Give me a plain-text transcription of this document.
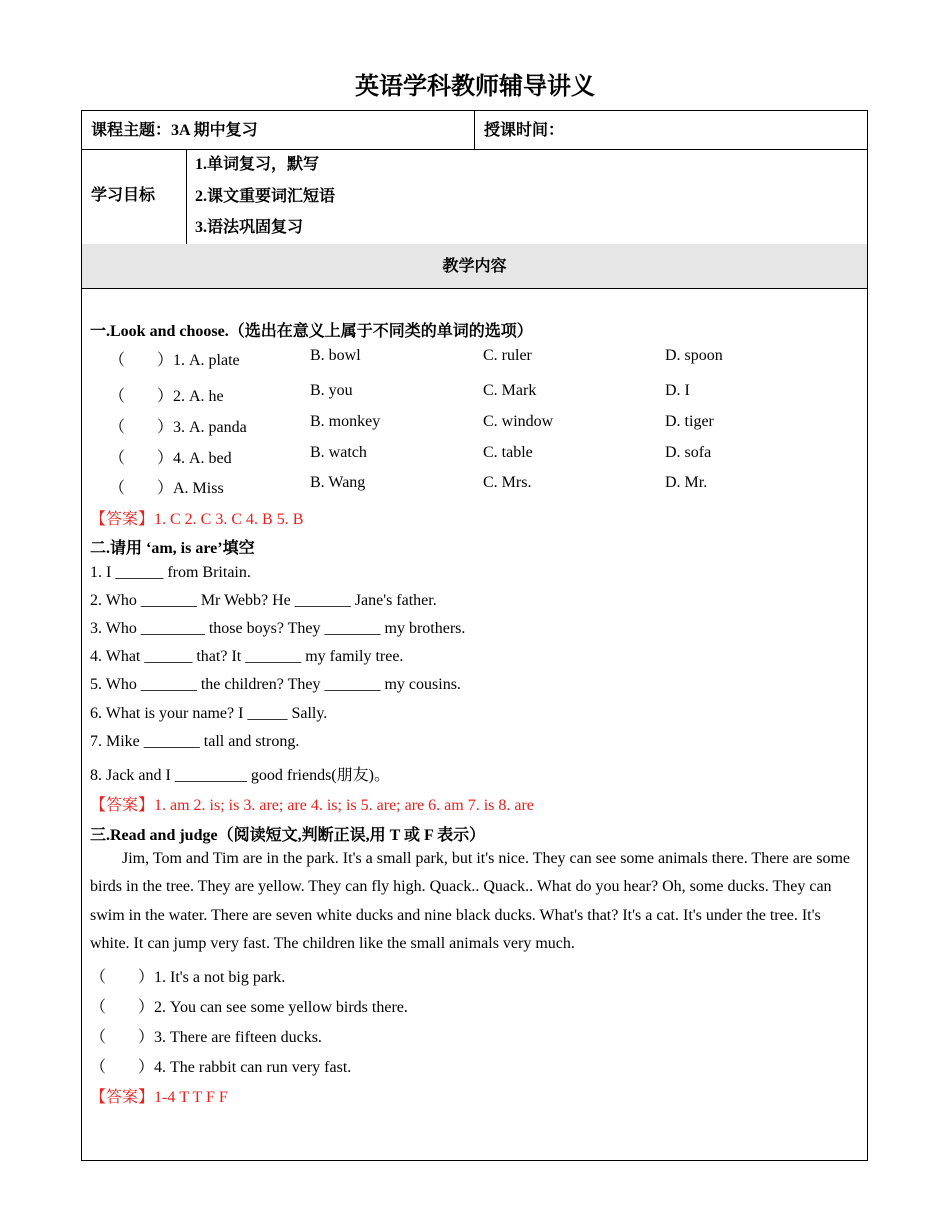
英语学科教师辅导讲义
课程主题：3A 期中复习	授课时间：
学习目标
1.单词复习，默写
2.课文重要词汇短语
3.语法巩固复习
教学内容
一.Look and choose.（选出在意义上属于不同类的单词的选项）
（　　）1. A. plate	B. bowl	C. ruler	D. spoon
（　　）2. A. he	B. you	C. Mark	D. I
（　　）3. A. panda	B. monkey	C. window	D. tiger
（　　）4. A. bed	B. watch	C. table	D. sofa
（　　）A. Miss	B. Wang	C. Mrs.	D. Mr.
【答案】1. C 2. C 3. C 4. B 5. B
二.请用 ‘am, is are’填空
1. I ______ from Britain.
2. Who _______ Mr Webb? He _______ Jane's father.
3. Who ________ those boys? They _______ my brothers.
4. What ______ that? It _______ my family tree.
5. Who _______ the children? They _______ my cousins.
6. What is your name? I _____ Sally.
7. Mike _______ tall and strong.
8. Jack and I _________ good friends(朋友)。
【答案】1. am 2. is; is 3. are; are 4. is; is 5. are; are 6. am 7. is 8. are
三.Read and judge（阅读短文,判断正误,用 T 或 F 表示）
Jim, Tom and Tim are in the park. It's a small park, but it's nice. They can see some animals there. There are some birds in the tree. They are yellow. They can fly high. Quack.. Quack.. What do you hear? Oh, some ducks. They can swim in the water. There are seven white ducks and nine black ducks. What's that? It's a cat. It's under the tree. It's white. It can jump very fast. The children like the small animals very much.
（　　）1. It's a not big park.
（　　）2. You can see some yellow birds there.
（　　）3. There are fifteen ducks.
（　　）4. The rabbit can run very fast.
【答案】1-4 T T F F
